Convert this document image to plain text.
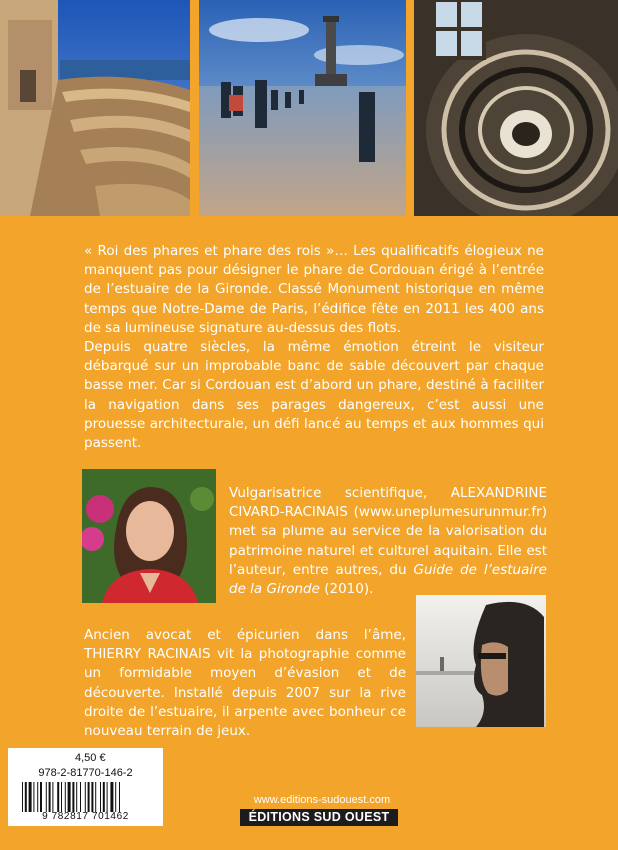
« Roi des phares et phare des rois »… Les qualificatifs élogieux ne manquent pas pour désigner le phare de Cordouan érigé à l’entrée de l’estuaire de la Gironde. Classé Monument historique en même temps que Notre-Dame de Paris, l’édifice fête en 2011 les 400 ans de sa lumineuse signature au-dessus des flots.

Depuis quatre siècles, la même émotion étreint le visiteur débarqué sur un improbable banc de sable découvert par chaque basse mer. Car si Cordouan est d’abord un phare, destiné à faciliter la navigation dans ses parages dangereux, c’est aussi une prouesse architecturale, un défi lancé au temps et aux hommes qui passent.

Vulgarisatrice scientifique, ALEXANDRINE CIVARD-RACINAIS (www.uneplumesurunmur.fr) met sa plume au service de la valorisation du patrimoine naturel et culturel aquitain. Elle est l’auteur, entre autres, du Guide de l’estuaire de la Gironde (2010).
Ancien avocat et épicurien dans l’âme, THIERRY RACINAIS vit la photographie comme un formidable moyen d’évasion et de découverte. Installé depuis 2007 sur la rive droite de l’estuaire, il arpente avec bonheur ce nouveau terrain de jeux.
4,50 €
978-2-81770-146-2
9 782817 701462
www.editions-sudouest.com
ÉDITIONS SUD OUEST
